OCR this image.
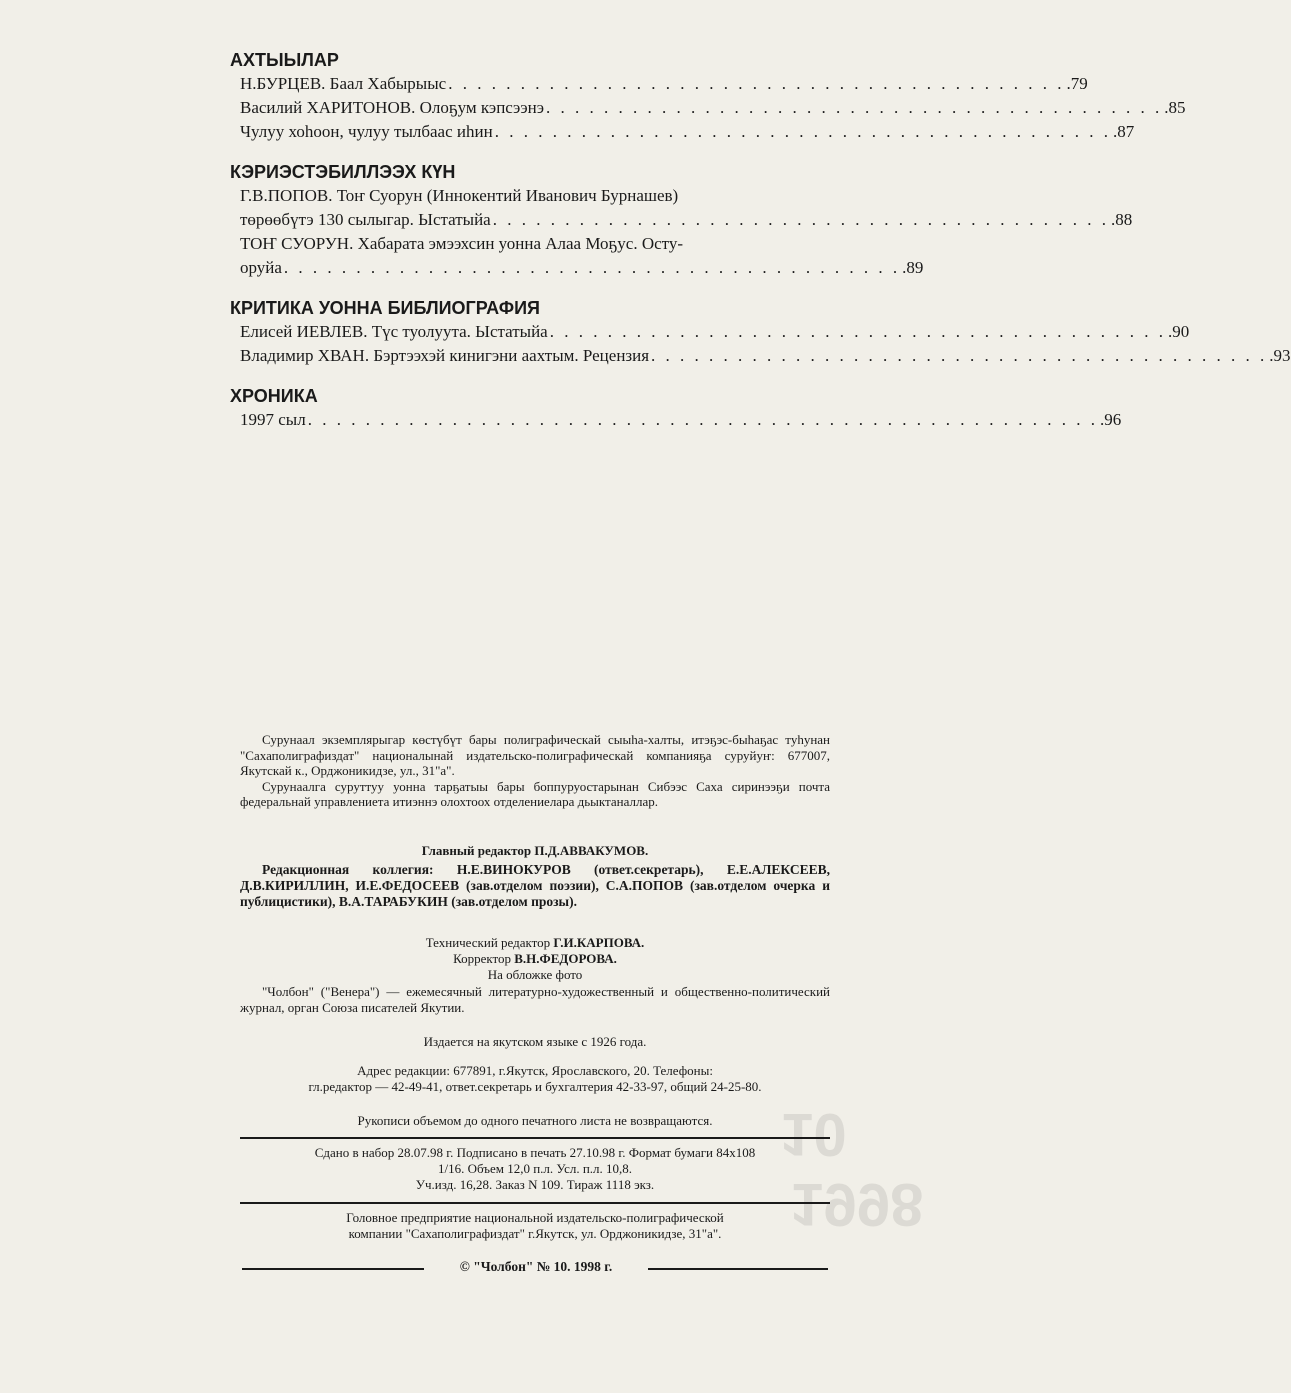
10
1998
АХТЫЫЛАР
Н.БУРЦЕВ. Баал Хабырыыс . . . . . . . . . . . . . . . . . . . . . . . . . . . . . . . . . . . . . . . . . . . .79
Василий ХАРИТОНОВ. Олоҕум кэпсээнэ . . . . . . . . . . . . . . . . . . . . . . . . . . . . . . . . . . . . . . . . . . . .85
Чулуу хоһоон, чулуу тылбаас иһин . . . . . . . . . . . . . . . . . . . . . . . . . . . . . . . . . . . . . . . . . . . .87
КЭРИЭСТЭБИЛЛЭЭХ КҮН
Г.В.ПОПОВ. Тоҥ Суорун (Иннокентий Иванович Бурнашев)
төрөөбүтэ 130 сылыгар. Ыстатыйа . . . . . . . . . . . . . . . . . . . . . . . . . . . . . . . . . . . . . . . . . . . .88
ТОҤ СУОРУН. Хабарата эмээхсин уонна Алаа Моҕус. Осту-
оруйа . . . . . . . . . . . . . . . . . . . . . . . . . . . . . . . . . . . . . . . . . . . .89
КРИТИКА УОННА БИБЛИОГРАФИЯ
Елисей ИЕВЛЕВ. Түс туолуута. Ыстатыйа . . . . . . . . . . . . . . . . . . . . . . . . . . . . . . . . . . . . . . . . . . . .90
Владимир ХВАН. Бэртээхэй кинигэни аахтым. Рецензия . . . . . . . . . . . . . . . . . . . . . . . . . . . . . . . . . . . . . . . . . . . .93
ХРОНИКА
1997 сыл . . . . . . . . . . . . . . . . . . . . . . . . . . . . . . . . . . . . . . . . . . . . . . . . . . . . . . . .96

Сурунаал экземплярыгар көстүбүт бары полиграфическай сыыһа-халты, итэҕэс-быһаҕас туһунан "Сахаполиграфиздат" националынай издательско-полиграфическай компанияҕа суруйуҥ: 677007, Якутскай к., Орджоникидзе, ул., 31"а".

Сурунаалга суруттуу уонна тарҕатыы бары боппуруостарынан Сибээс Саха сиринээҕи почта федеральнай управлениета итиэннэ олохтоох отделениелара дьыктаналлар.

Главный редактор П.Д.АВВАКУМОВ.

Редакционная коллегия: Н.Е.ВИНОКУРОВ (ответ.секретарь), Е.Е.АЛЕКСЕЕВ, Д.В.КИРИЛЛИН, И.Е.ФЕДОСЕЕВ (зав.отделом поэзии), С.А.ПОПОВ (зав.отделом очерка и публицистики), В.А.ТАРАБУКИН (зав.отделом прозы).

Технический редактор Г.И.КАРПОВА.
Корректор В.Н.ФЕДОРОВА.
На обложке фото

"Чолбон" ("Венера") — ежемесячный литературно-художественный и общественно-политический журнал, орган Союза писателей Якутии.

Издается на якутском языке с 1926 года.
Адрес редакции: 677891, г.Якутск, Ярославского, 20. Телефоны:
гл.редактор — 42-49-41, ответ.секретарь и бухгалтерия 42-33-97, общий 24-25-80.
Рукописи объемом до одного печатного листа не возвращаются.
Сдано в набор 28.07.98 г. Подписано в печать 27.10.98 г. Формат бумаги 84х108
1/16. Объем 12,0 п.л. Усл. п.л. 10,8.
Уч.изд. 16,28. Заказ N 109. Тираж 1118 экз.
Головное предприятие национальной издательско-полиграфической
компании "Сахаполиграфиздат" г.Якутск, ул. Орджоникидзе, 31"а".
© "Чолбон" № 10. 1998 г.
